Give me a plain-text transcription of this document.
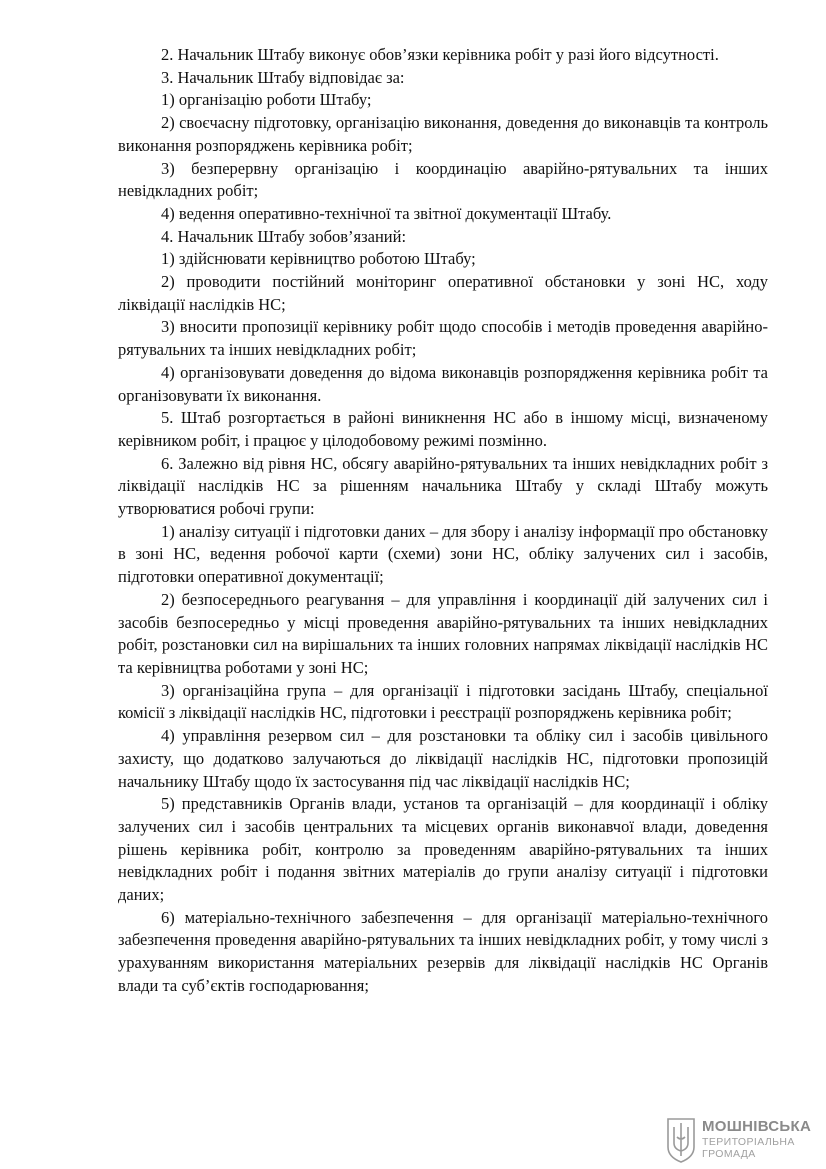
2. Начальник Штабу виконує обов’язки керівника робіт у разі його відсутності.

3. Начальник Штабу відповідає за:

1) організацію роботи Штабу;

2) своєчасну підготовку, організацію виконання, доведення до виконавців та контроль виконання розпоряджень керівника робіт;

3) безперервну організацію і координацію аварійно-рятувальних та інших невідкладних робіт;

4) ведення оперативно-технічної та звітної документації Штабу.

4. Начальник Штабу зобов’язаний:

1) здійснювати керівництво роботою Штабу;

2) проводити постійний моніторинг оперативної обстановки у зоні НС, ходу ліквідації наслідків НС;

3) вносити пропозиції керівнику робіт щодо способів і методів проведення аварійно-рятувальних та інших невідкладних робіт;

4) організовувати доведення до відома виконавців розпорядження керівника робіт та організовувати їх виконання.

5. Штаб розгортається в районі виникнення НС або в іншому місці, визначеному керівником робіт, і працює у цілодобовому режимі позмінно.

6. Залежно від рівня НС, обсягу аварійно-рятувальних та інших невідкладних робіт з ліквідації наслідків НС за рішенням начальника Штабу у складі Штабу можуть утворюватися робочі групи:

1) аналізу ситуації і підготовки даних – для збору і аналізу інформації про обстановку в зоні НС, ведення робочої карти (схеми) зони НС, обліку залучених сил і засобів, підготовки оперативної документації;

2) безпосереднього реагування – для управління і координації дій залучених сил і засобів безпосередньо у місці проведення аварійно-рятувальних та інших невідкладних робіт, розстановки сил на вирішальних та інших головних напрямах ліквідації наслідків НС та керівництва роботами у зоні НС;

3) організаційна група – для організації і підготовки засідань Штабу, спеціальної комісії з ліквідації наслідків НС, підготовки і реєстрації розпоряджень керівника робіт;

4) управління резервом сил – для розстановки та обліку сил і засобів цивільного захисту, що додатково залучаються до ліквідації наслідків НС, підготовки пропозицій начальнику Штабу щодо їх застосування під час ліквідації наслідків НС;

5) представників Органів влади, установ та організацій – для координації і обліку залучених сил і засобів центральних та місцевих органів виконавчої влади, доведення рішень керівника робіт, контролю за проведенням аварійно-рятувальних та інших невідкладних робіт і подання звітних матеріалів до групи аналізу ситуації і підготовки даних;

6) матеріально-технічного забезпечення – для організації матеріально-технічного забезпечення проведення аварійно-рятувальних та інших невідкладних робіт, у тому числі з урахуванням використання матеріальних резервів для ліквідації наслідків НС Органів влади та суб’єктів господарювання;

МОШНІВСЬКА
ТЕРИТОРІАЛЬНА
ГРОМАДА
